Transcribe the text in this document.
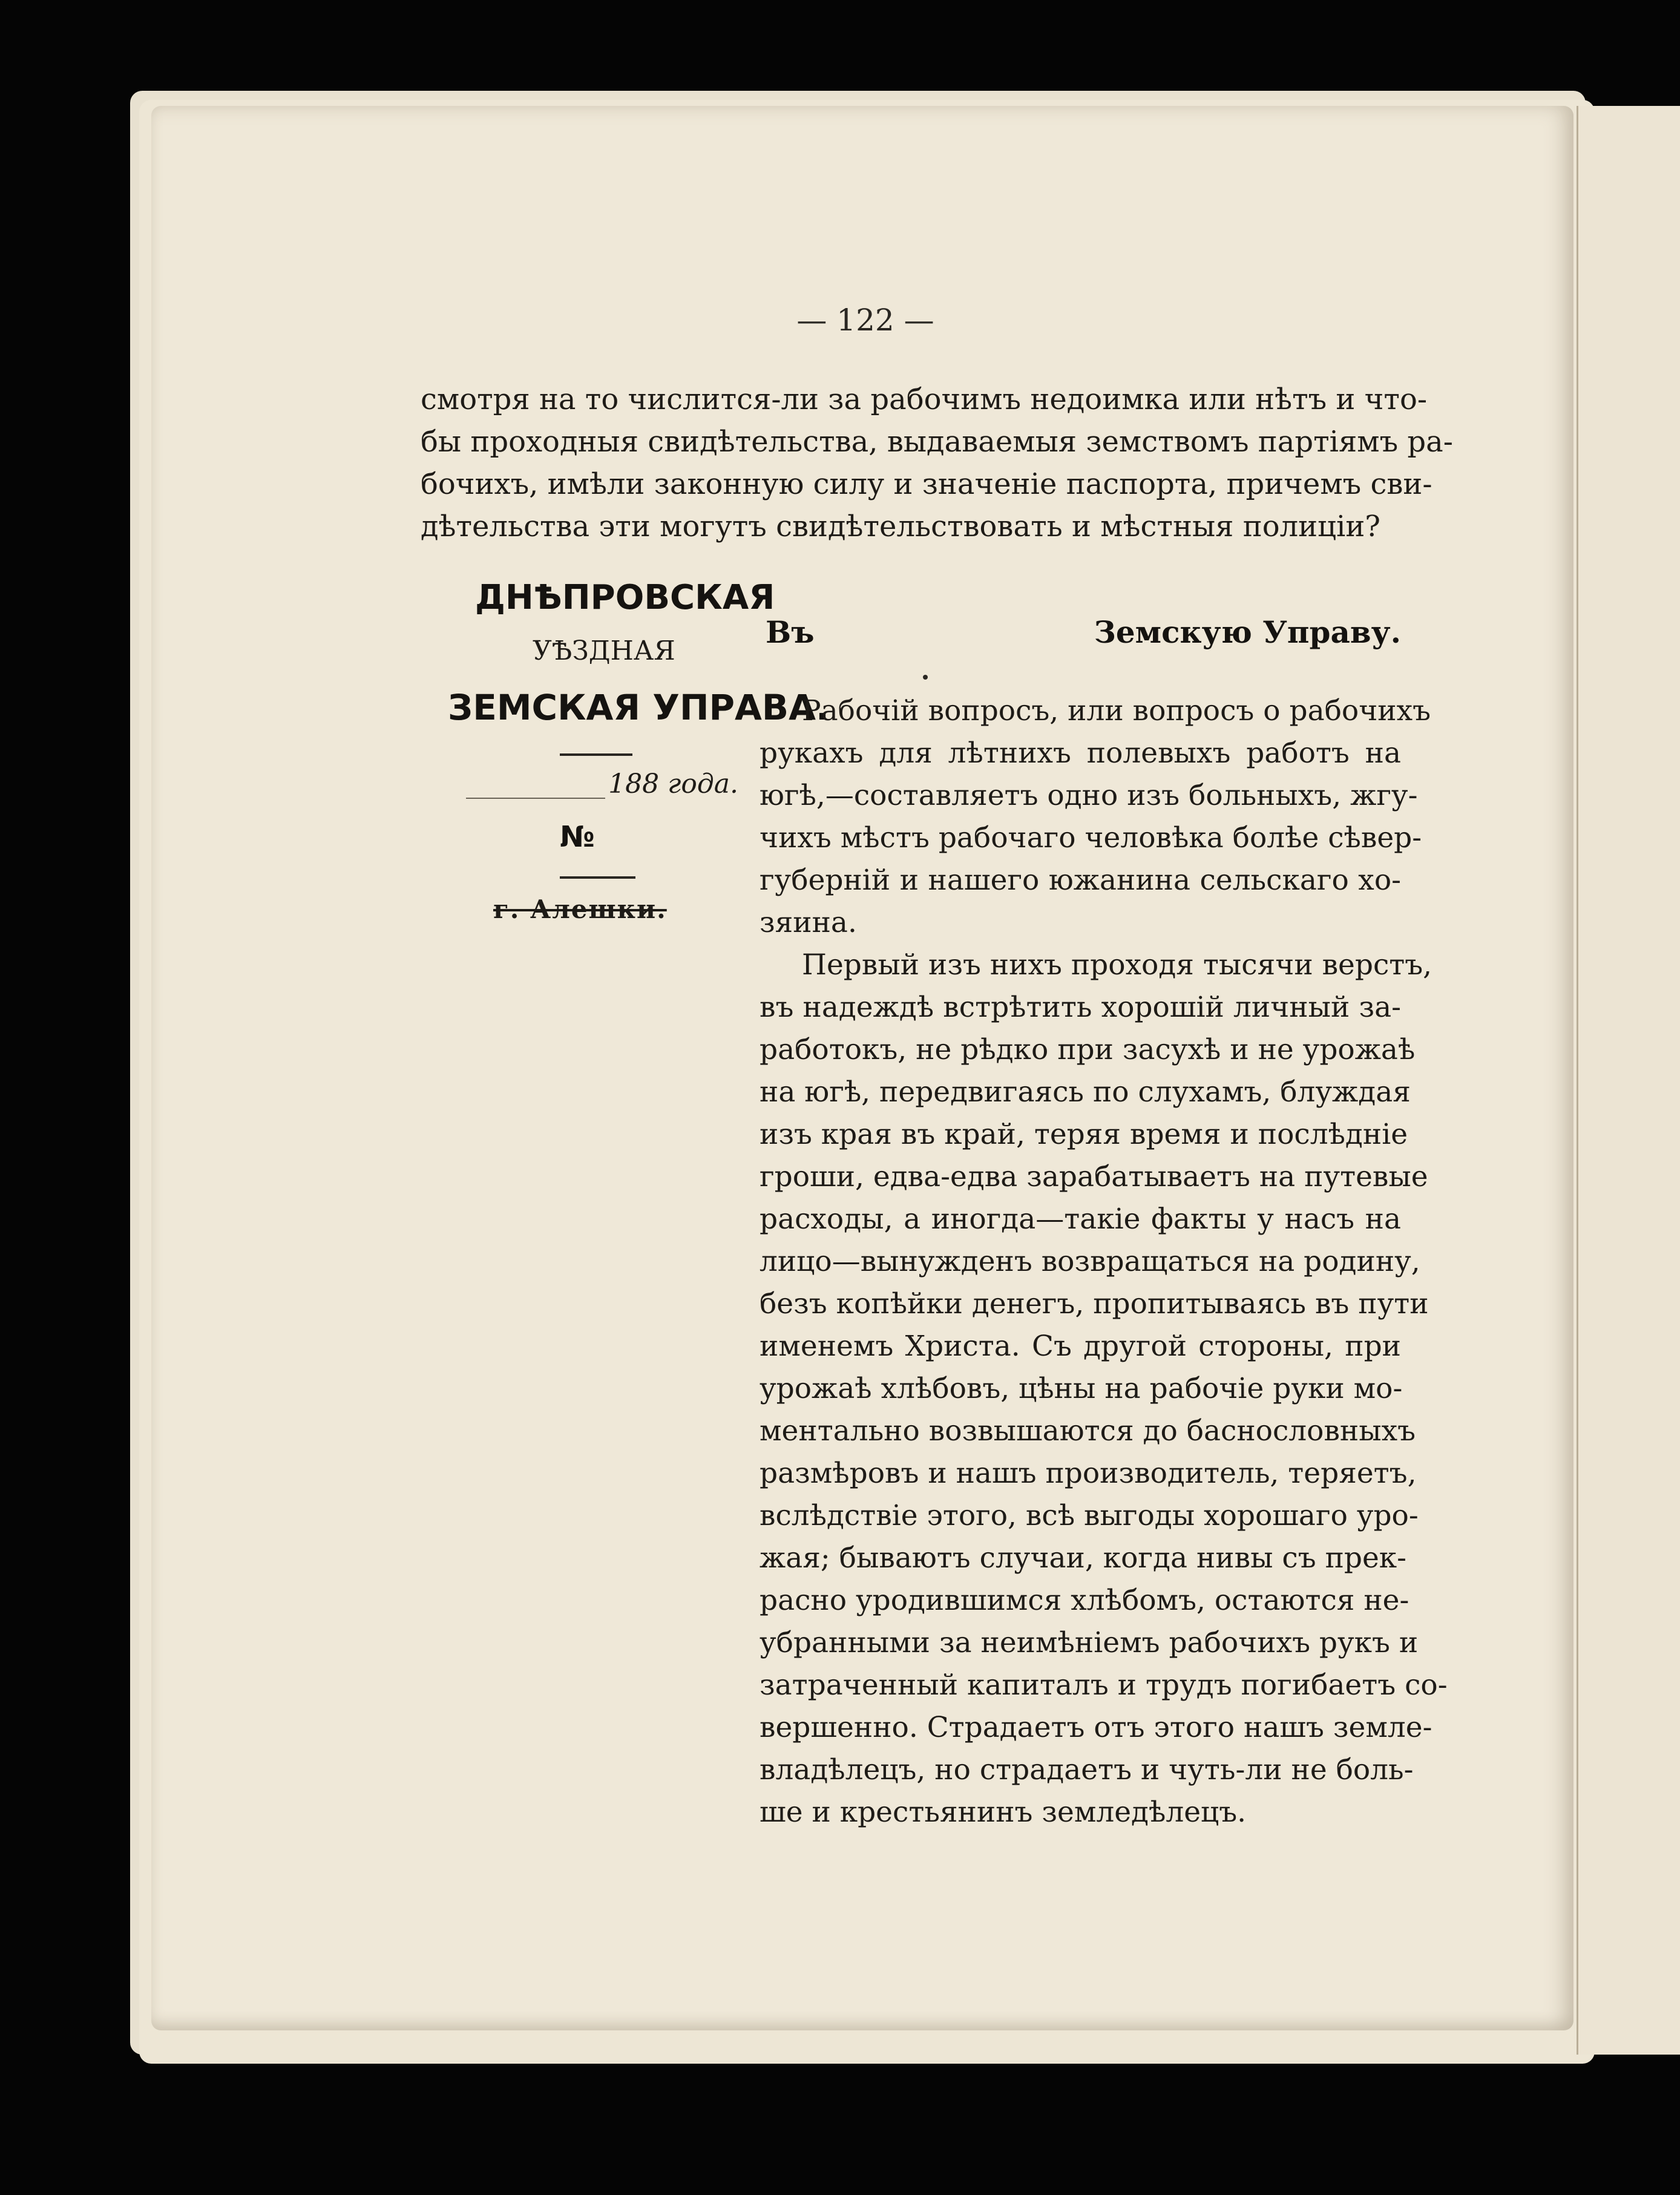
— 122 —
смотря на то числится-ли за рабочимъ недоимка или нѣтъ и что-
бы проходныя свидѣтельства, выдаваемыя земствомъ партіямъ ра-
бочихъ, имѣли законную силу и значеніе паспорта, причемъ сви-
дѣтельства эти могутъ свидѣтельствовать и мѣстныя полиціи?
ДНѢПРОВСКАЯ
УѢЗДНАЯ
ЗЕМСКАЯ УПРАВА.
188 года.
№
г. Алешки.
Въ	Земскую Управу.
Рабочій вопросъ, или вопросъ о рабочихъ
рукахъ для лѣтнихъ полевыхъ работъ на
югѣ,—составляетъ одно изъ больныхъ, жгу-
чихъ мѣстъ рабочаго человѣка болѣе сѣвер-
губерній и нашего южанина сельскаго хо-
зяина.
Первый изъ нихъ проходя тысячи верстъ,
въ надеждѣ встрѣтить хорошій личный за-
работокъ, не рѣдко при засухѣ и не урожаѣ
на югѣ, передвигаясь по слухамъ, блуждая
изъ края въ край, теряя время и послѣдніе
гроши, едва-едва зарабатываетъ на путевые
расходы, а иногда—такіе факты у насъ на
лицо—вынужденъ возвращаться на родину,
безъ копѣйки денегъ, пропитываясь въ пути
именемъ Христа. Съ другой стороны, при
урожаѣ хлѣбовъ, цѣны на рабочіе руки мо-
ментально возвышаются до баснословныхъ
размѣровъ и нашъ производитель, теряетъ,
вслѣдствіе этого, всѣ выгоды хорошаго уро-
жая; бываютъ случаи, когда нивы съ прек-
расно уродившимся хлѣбомъ, остаются не-
убранными за неимѣніемъ рабочихъ рукъ и
затраченный капиталъ и трудъ погибаетъ со-
вершенно. Страдаетъ отъ этого нашъ земле-
владѣлецъ, но страдаетъ и чуть-ли не боль-
ше и крестьянинъ земледѣлецъ.
